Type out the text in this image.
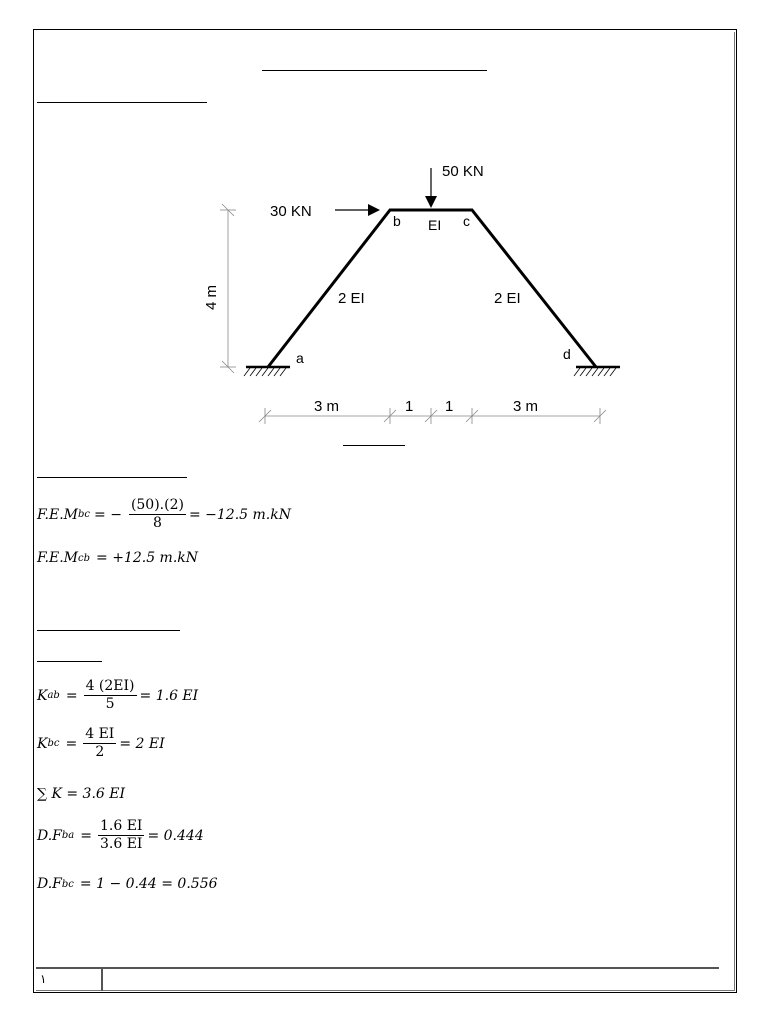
30 KN
50 KN
b	c
a	d
EI
2 EI	2 EI
4 m
3 m	1 1	3 m
F.E.M bc = − $\frac{(50).(2)}{8} = -12.5$ m.kN
F.E.M cb = +12.5 m.kN
K ab = $\frac{4 (2EI)}{5} = 1.6$ EI
K bc = $\frac{4 EI}{2} = 2$ EI
∑ K = 3.6 EI
D.F ba = $\frac{1.6 EI}{3.6 EI} = 0.444$
D.F bc = 1 − 0.44 = 0.556
١
